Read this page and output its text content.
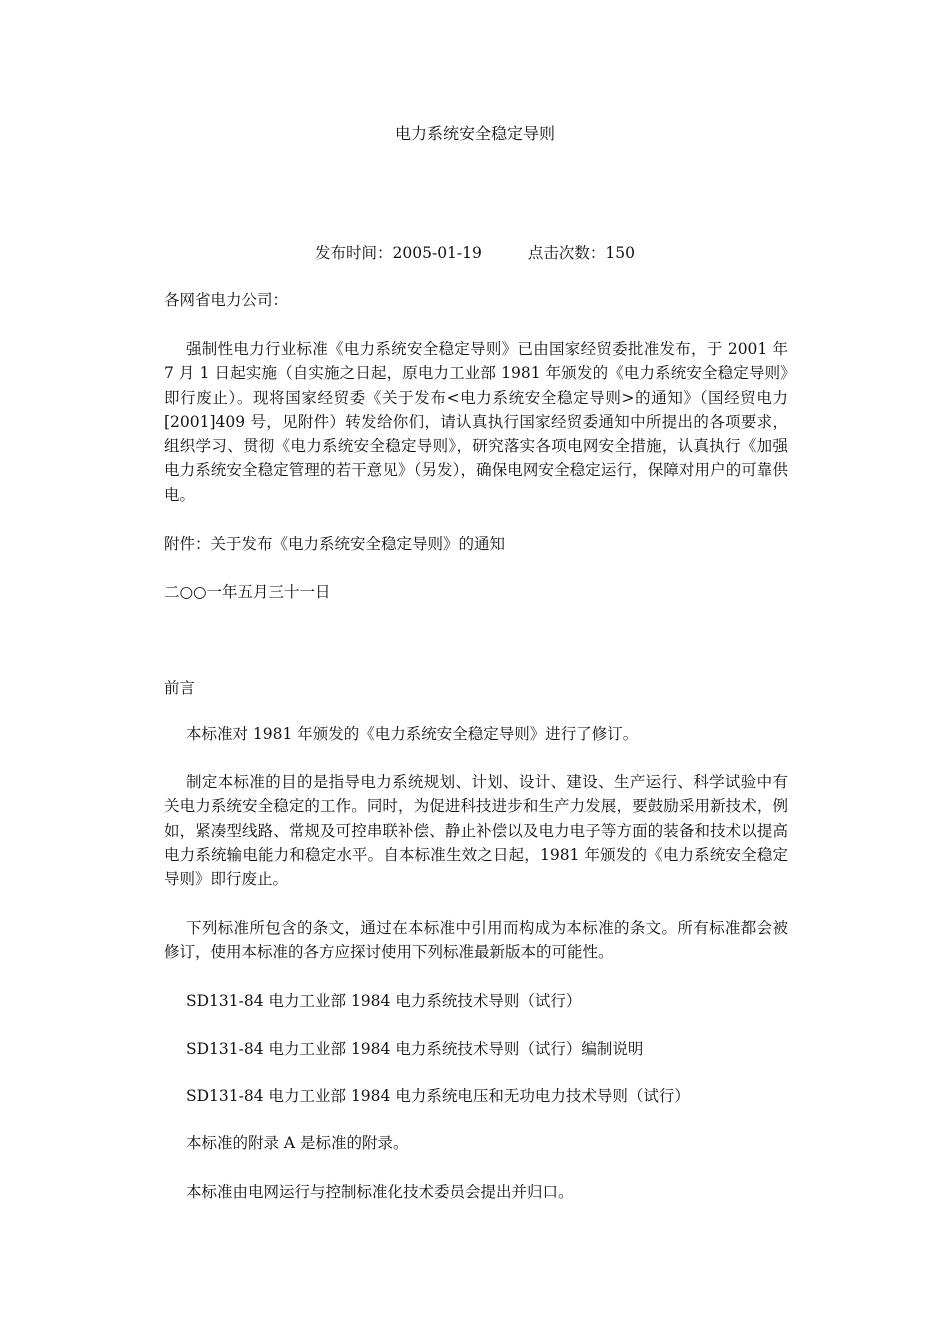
电力系统安全稳定导则
发布时间：2005-01-19	点击次数：150
各网省电力公司：
强制性电力行业标准《电力系统安全稳定导则》已由国家经贸委批准发布，于 2001 年 7 月 1 日起实施（自实施之日起，原电力工业部 1981 年颁发的《电力系统安全稳定导则》即行废止）。现将国家经贸委《关于发布<电力系统安全稳定导则>的通知》（国经贸电力[2001]409 号，见附件）转发给你们，请认真执行国家经贸委通知中所提出的各项要求，组织学习、贯彻《电力系统安全稳定导则》，研究落实各项电网安全措施，认真执行《加强电力系统安全稳定管理的若干意见》（另发），确保电网安全稳定运行，保障对用户的可靠供电。
附件：关于发布《电力系统安全稳定导则》的通知
二○○一年五月三十一日
前言
本标准对 1981 年颁发的《电力系统安全稳定导则》进行了修订。
制定本标准的目的是指导电力系统规划、计划、设计、建设、生产运行、科学试验中有关电力系统安全稳定的工作。同时，为促进科技进步和生产力发展，要鼓励采用新技术，例如，紧凑型线路、常规及可控串联补偿、静止补偿以及电力电子等方面的装备和技术以提高电力系统输电能力和稳定水平。自本标准生效之日起，1981 年颁发的《电力系统安全稳定导则》即行废止。
下列标准所包含的条文，通过在本标准中引用而构成为本标准的条文。所有标准都会被修订，使用本标准的各方应探讨使用下列标准最新版本的可能性。
SD131-84 电力工业部 1984 电力系统技术导则（试行）
SD131-84 电力工业部 1984 电力系统技术导则（试行）编制说明
SD131-84 电力工业部 1984 电力系统电压和无功电力技术导则（试行）
本标准的附录 A 是标准的附录。
本标准由电网运行与控制标准化技术委员会提出并归口。
